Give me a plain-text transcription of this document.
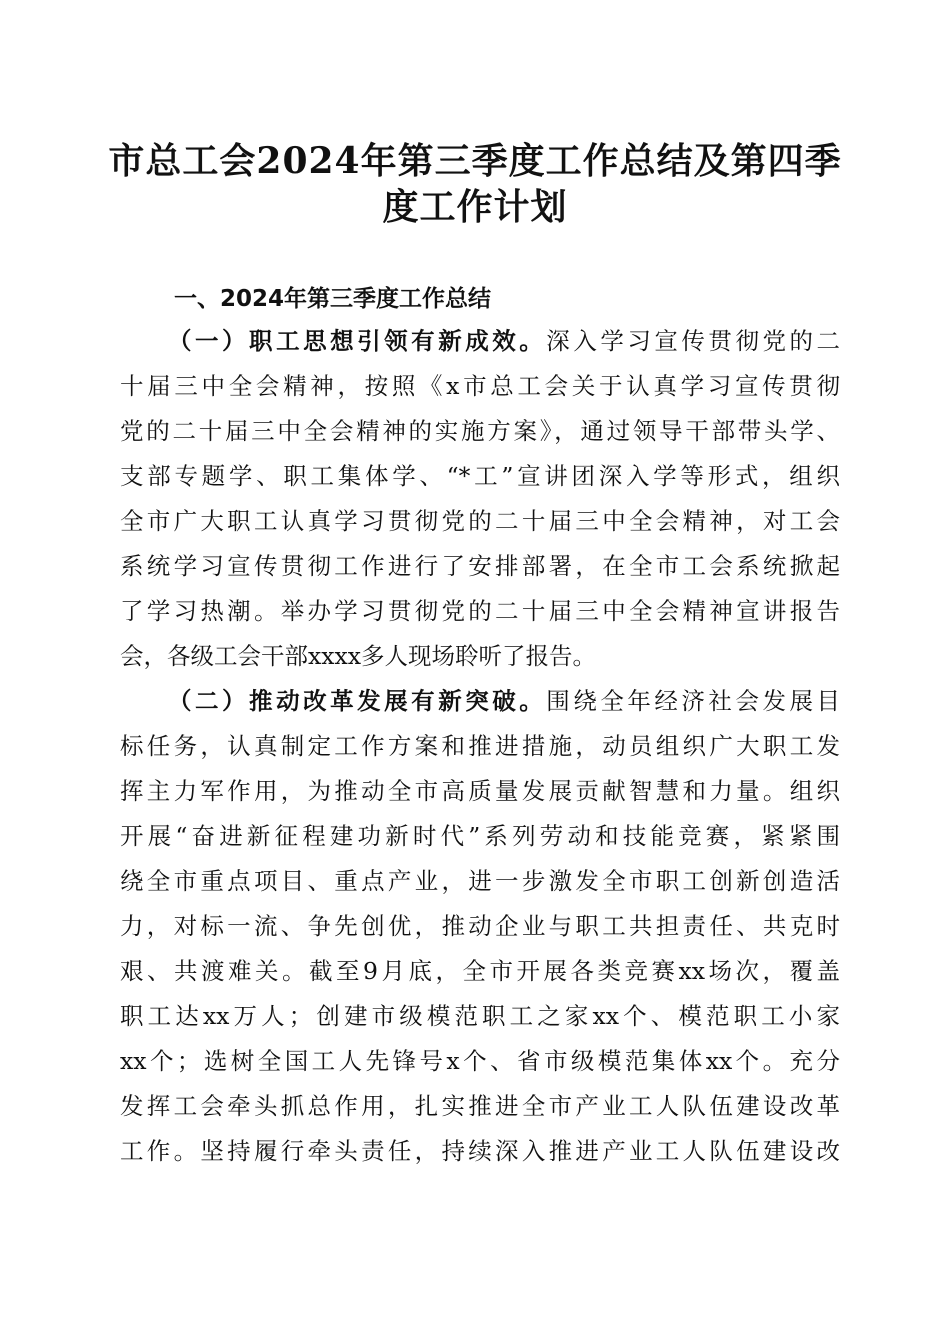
市总工会2024年第三季度工作总结及第四季
度工作计划
一、2024年第三季度工作总结

（一）职工思想引领有新成效。深入学习宣传贯彻党的二

十届三中全会精神，按照《x市总工会关于认真学习宣传贯彻

党的二十届三中全会精神的实施方案》，通过领导干部带头学、

支部专题学、职工集体学、“*工”宣讲团深入学等形式，组织

全市广大职工认真学习贯彻党的二十届三中全会精神，对工会

系统学习宣传贯彻工作进行了安排部署，在全市工会系统掀起

了学习热潮。举办学习贯彻党的二十届三中全会精神宣讲报告

会，各级工会干部xxxx多人现场聆听了报告。

（二）推动改革发展有新突破。围绕全年经济社会发展目

标任务，认真制定工作方案和推进措施，动员组织广大职工发

挥主力军作用，为推动全市高质量发展贡献智慧和力量。组织

开展“奋进新征程建功新时代”系列劳动和技能竞赛，紧紧围

绕全市重点项目、重点产业，进一步激发全市职工创新创造活

力，对标一流、争先创优，推动企业与职工共担责任、共克时

艰、共渡难关。截至9月底，全市开展各类竞赛xx场次，覆盖

职工达xx万人；创建市级模范职工之家xx个、模范职工小家

xx个；选树全国工人先锋号x个、省市级模范集体xx个。充分

发挥工会牵头抓总作用，扎实推进全市产业工人队伍建设改革

工作。坚持履行牵头责任，持续深入推进产业工人队伍建设改
